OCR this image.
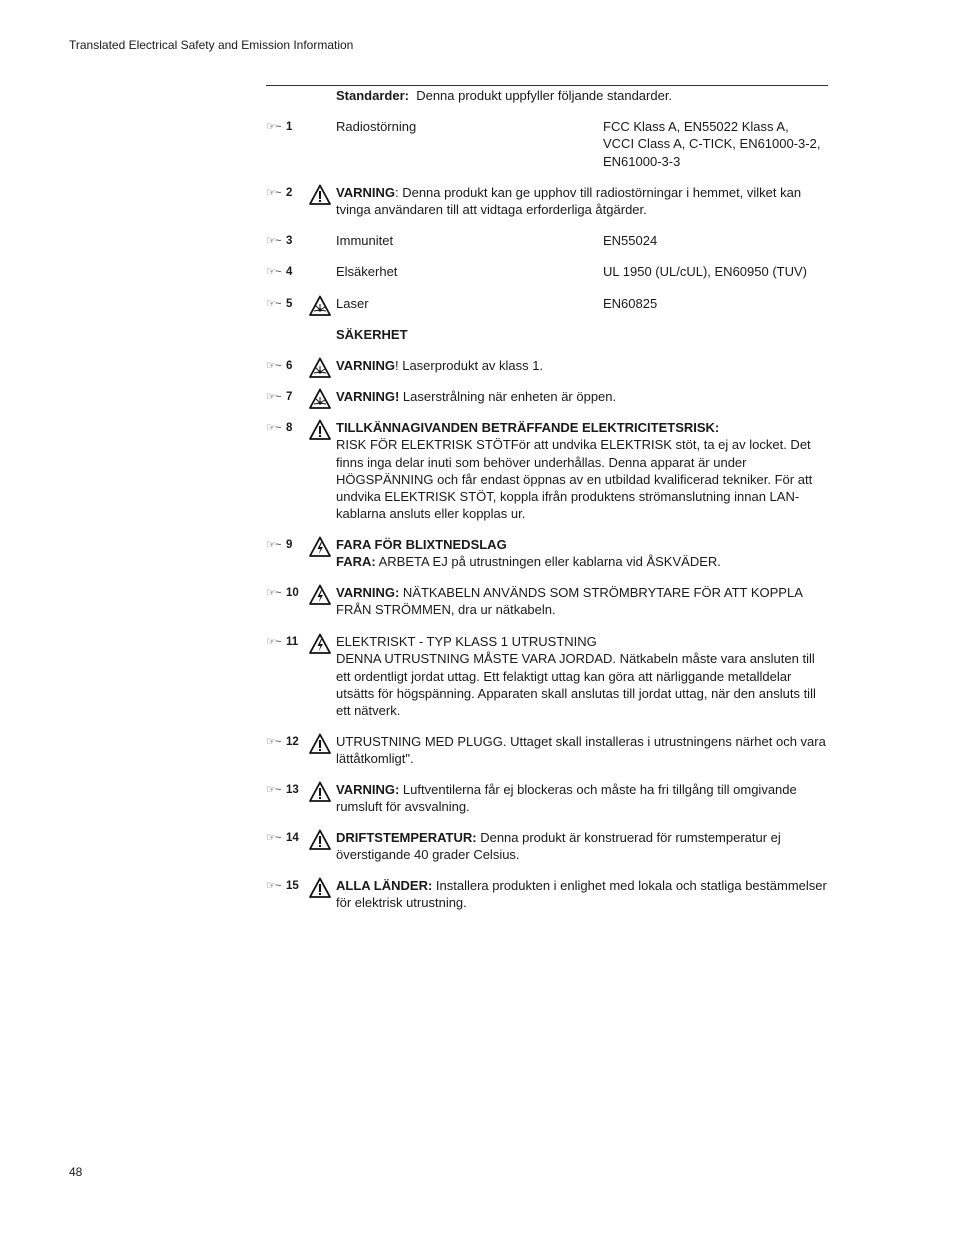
Translated Electrical Safety and Emission Information
Standarder: Denna produkt uppfyller följande standarder.
☞~ 1	Radiostörning	FCC Klass A, EN55022 Klass A, VCCI Class A, C-TICK, EN61000-3-2, EN61000-3-3
☞~ 2	VARNING: Denna produkt kan ge upphov till radiostörningar i hemmet, vilket kan tvinga användaren till att vidtaga erforderliga åtgärder.
☞~ 3	Immunitet	EN55024
☞~ 4	Elsäkerhet	UL 1950 (UL/cUL), EN60950 (TUV)
☞~ 5	Laser	EN60825
SÄKERHET
☞~ 6	VARNING! Laserprodukt av klass 1.
☞~ 7	VARNING! Laserstrålning när enheten är öppen.
☞~ 8	TILLKÄNNAGIVANDEN BETRÄFFANDE ELEKTRICITETSRISK:
RISK FÖR ELEKTRISK STÖTFör att undvika ELEKTRISK stöt, ta ej av locket. Det finns inga delar inuti som behöver underhållas. Denna apparat är under HÖGSPÄNNING och får endast öppnas av en utbildad kvalificerad tekniker. För att undvika ELEKTRISK STÖT, koppla ifrån produktens strömanslutning innan LAN-kablarna ansluts eller kopplas ur.
☞~ 9	FARA FÖR BLIXTNEDSLAG
FARA: ARBETA EJ på utrustningen eller kablarna vid ÅSKVÄDER.
☞~ 10	VARNING: NÄTKABELN ANVÄNDS SOM STRÖMBRYTARE FÖR ATT KOPPLA FRÅN STRÖMMEN, dra ur nätkabeln.
☞~ 11	ELEKTRISKT - TYP KLASS 1 UTRUSTNING
DENNA UTRUSTNING MÅSTE VARA JORDAD. Nätkabeln måste vara ansluten till ett ordentligt jordat uttag. Ett felaktigt uttag kan göra att närliggande metalldelar utsätts för högspänning. Apparaten skall anslutas till jordat uttag, när den ansluts till ett nätverk.
☞~ 12	UTRUSTNING MED PLUGG. Uttaget skall installeras i utrustningens närhet och vara lättåtkomligt".
☞~ 13	VARNING: Luftventilerna får ej blockeras och måste ha fri tillgång till omgivande rumsluft för avsvalning.
☞~ 14	DRIFTSTEMPERATUR: Denna produkt är konstruerad för rumstemperatur ej överstigande 40 grader Celsius.
☞~ 15	ALLA LÄNDER: Installera produkten i enlighet med lokala och statliga bestämmelser för elektrisk utrustning.
48
